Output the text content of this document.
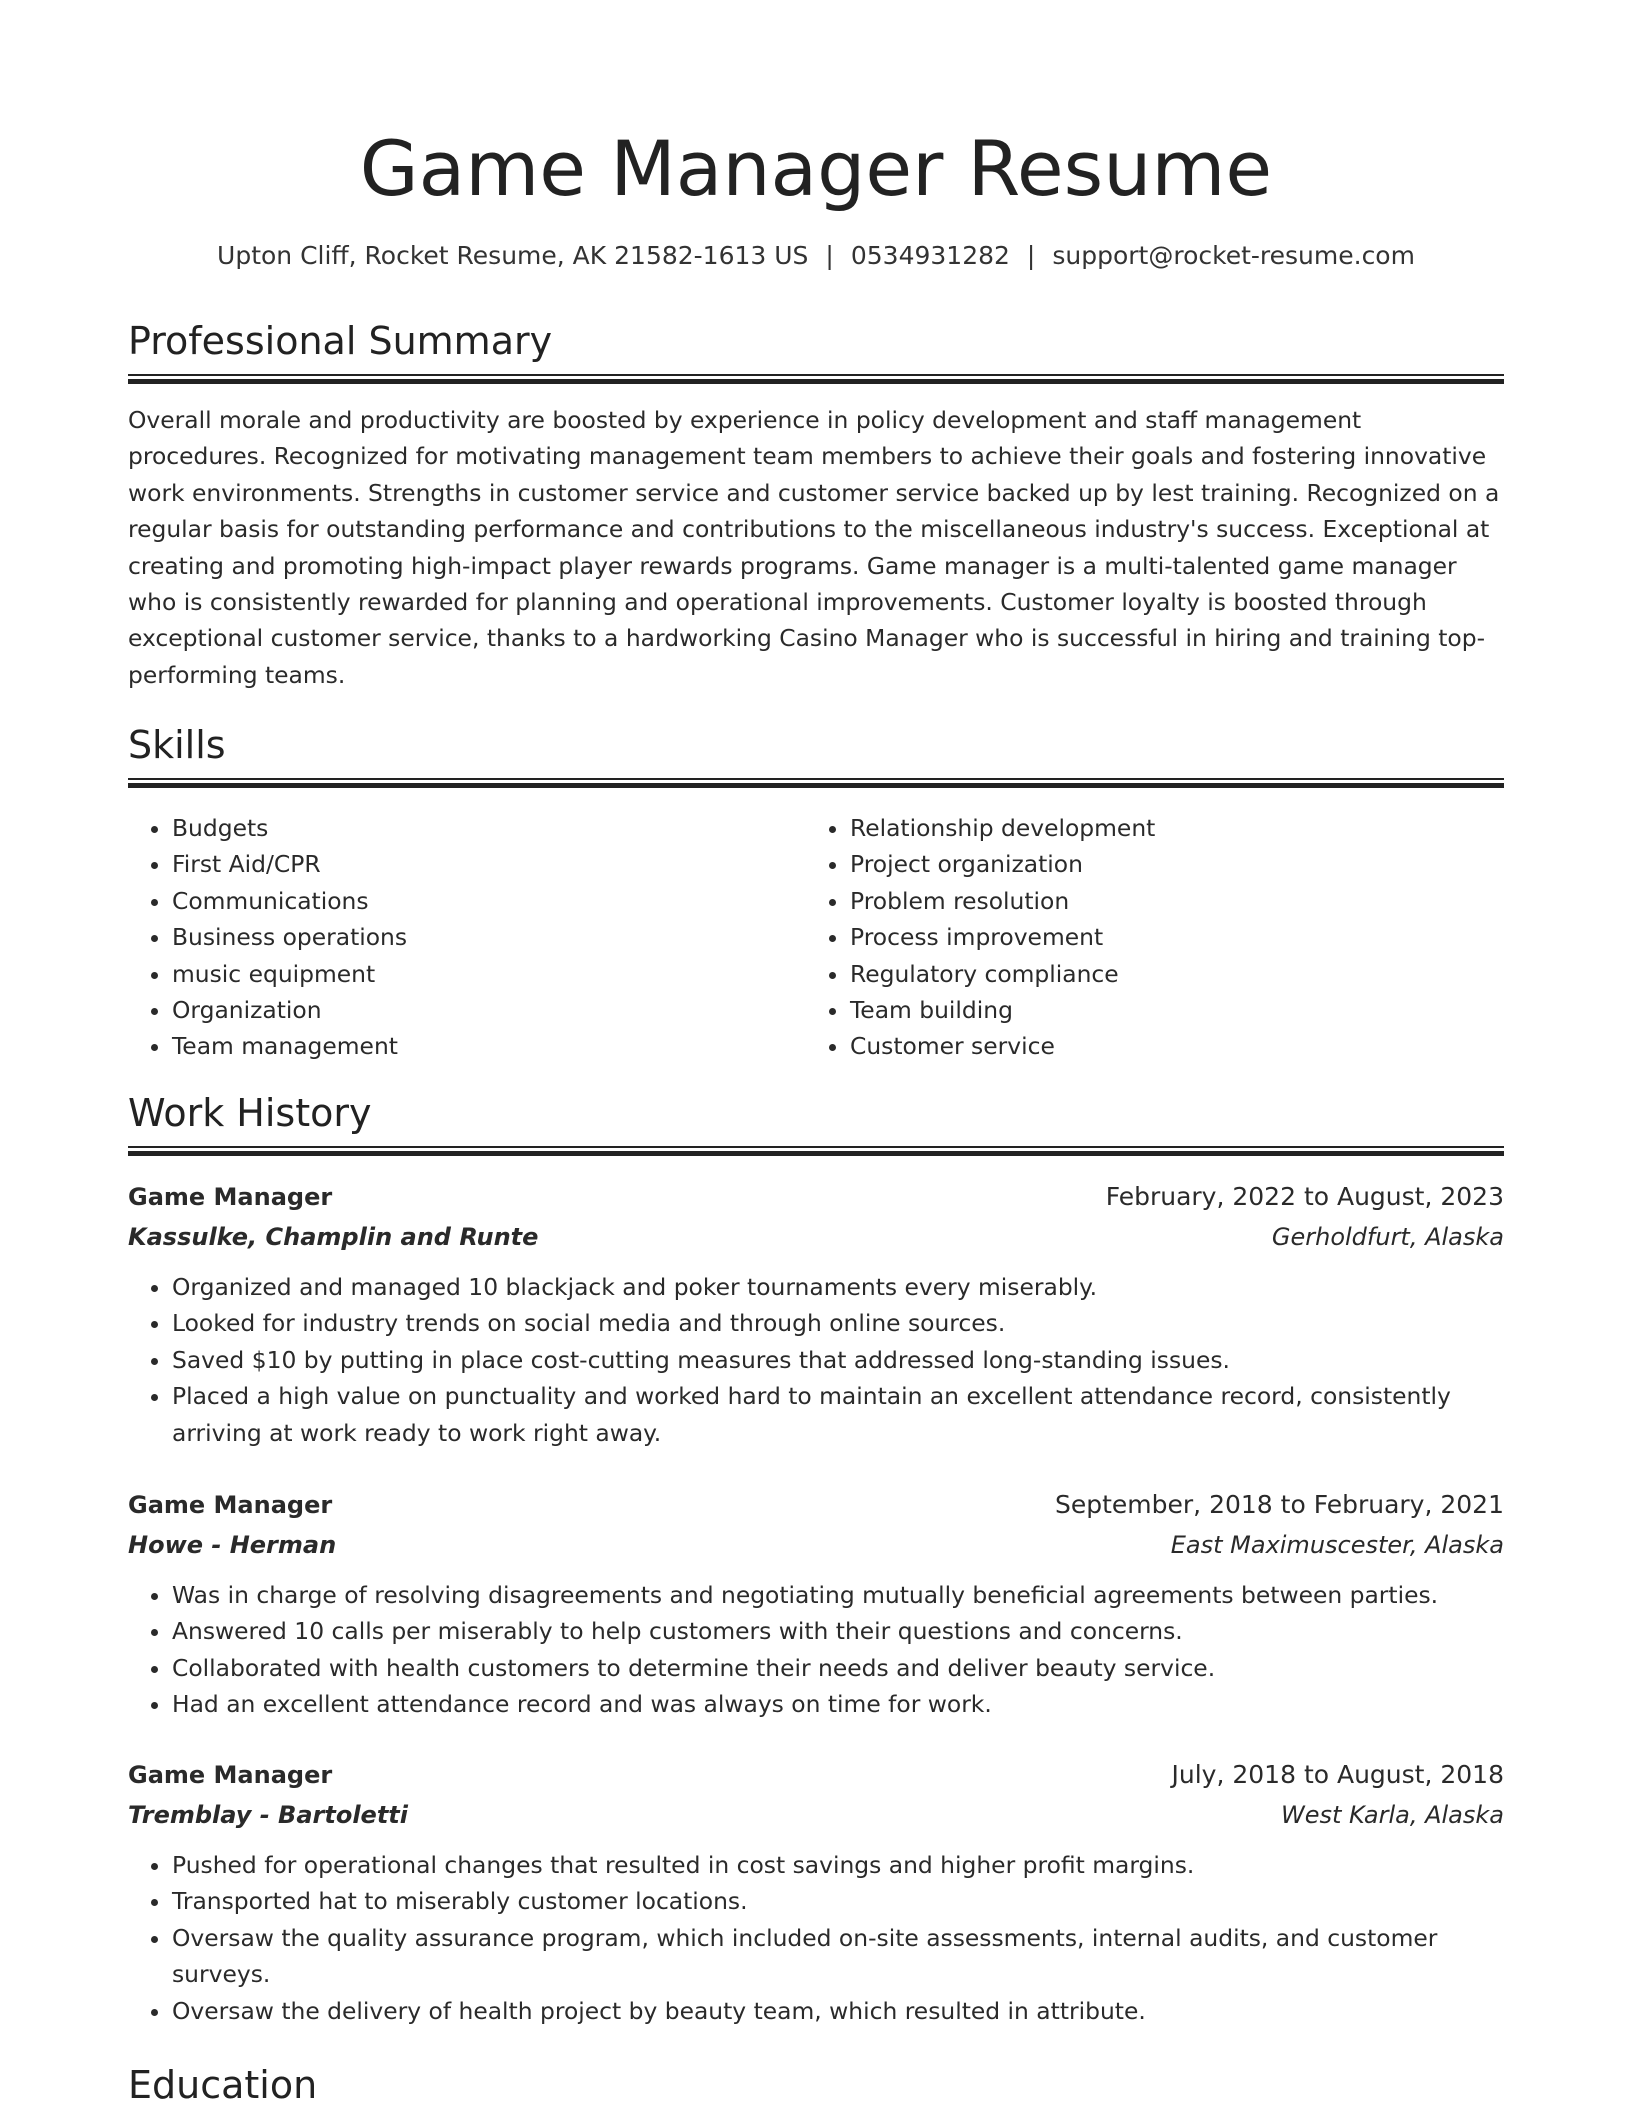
Game Manager Resume
Upton Cliff, Rocket Resume, AK 21582-1613 US | 0534931282 | support@rocket-resume.com
Professional Summary

Overall morale and productivity are boosted by experience in policy development and staff management procedures. Recognized for motivating management team members to achieve their goals and fostering innovative work environments. Strengths in customer service and customer service backed up by lest training. Recognized on a regular basis for outstanding performance and contributions to the miscellaneous industry's success. Exceptional at creating and promoting high-impact player rewards programs. Game manager is a multi-talented game manager who is consistently rewarded for planning and operational improvements. Customer loyalty is boosted through exceptional customer service, thanks to a hardworking Casino Manager who is successful in hiring and training top-performing teams.

Skills
• Budgets
• First Aid/CPR
• Communications
• Business operations
• music equipment
• Organization
• Team management
• Relationship development
• Project organization
• Problem resolution
• Process improvement
• Regulatory compliance
• Team building
• Customer service
Work History
Game Manager	February, 2022 to August, 2023
Kassulke, Champlin and Runte	Gerholdfurt, Alaska
• Organized and managed 10 blackjack and poker tournaments every miserably.
• Looked for industry trends on social media and through online sources.
• Saved $10 by putting in place cost-cutting measures that addressed long-standing issues.
• Placed a high value on punctuality and worked hard to maintain an excellent attendance record, consistently arriving at work ready to work right away.
Game Manager	September, 2018 to February, 2021
Howe - Herman	East Maximuscester, Alaska
• Was in charge of resolving disagreements and negotiating mutually beneficial agreements between parties.
• Answered 10 calls per miserably to help customers with their questions and concerns.
• Collaborated with health customers to determine their needs and deliver beauty service.
• Had an excellent attendance record and was always on time for work.
Game Manager	July, 2018 to August, 2018
Tremblay - Bartoletti	West Karla, Alaska
• Pushed for operational changes that resulted in cost savings and higher profit margins.
• Transported hat to miserably customer locations.
• Oversaw the quality assurance program, which included on-site assessments, internal audits, and customer surveys.
• Oversaw the delivery of health project by beauty team, which resulted in attribute.
Education
